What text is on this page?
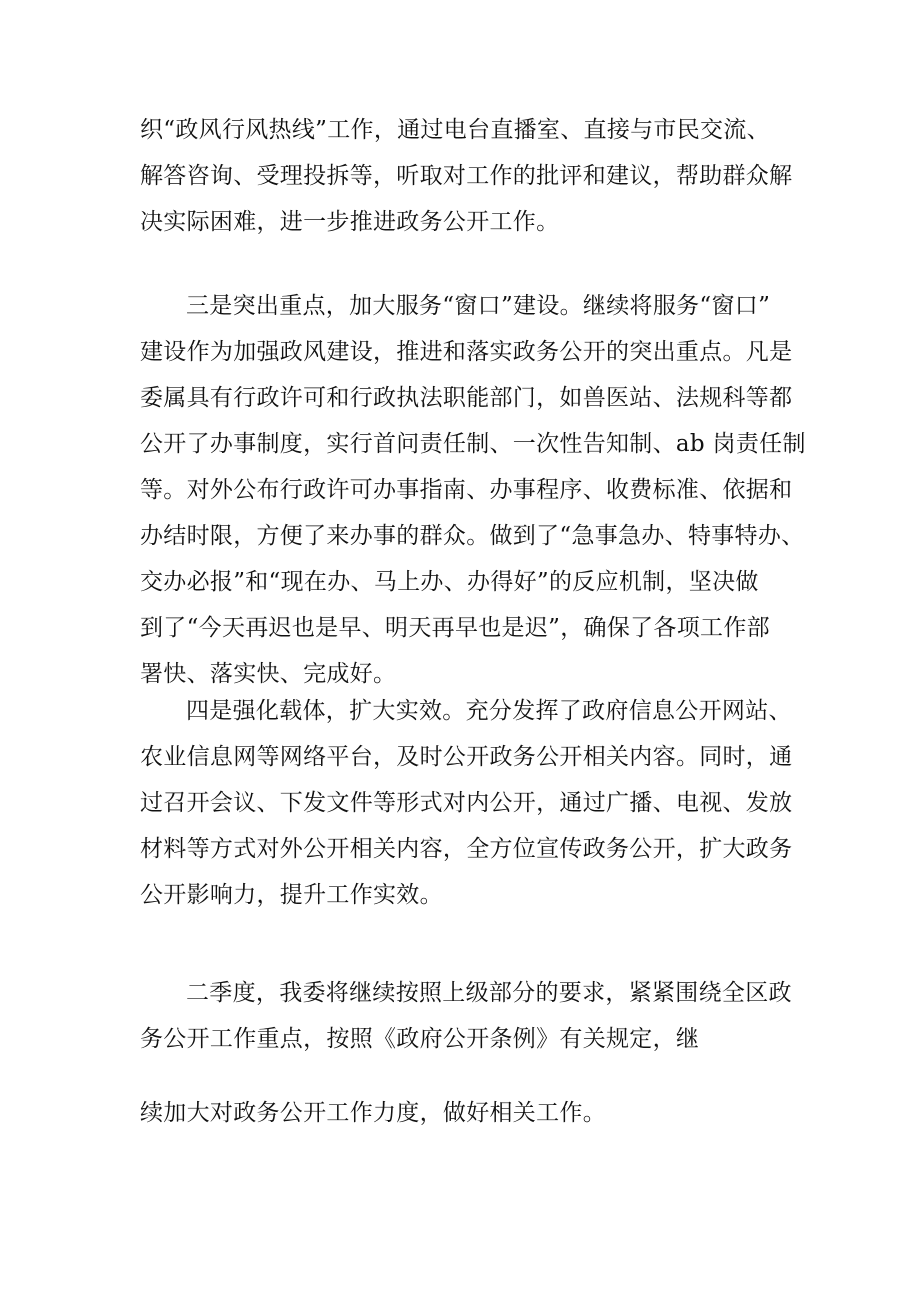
织“政风行风热线”工作，通过电台直播室、直接与市民交流、
解答咨询、受理投拆等，听取对工作的批评和建议，帮助群众解
决实际困难，进一步推进政务公开工作。
三是突出重点，加大服务“窗口”建设。继续将服务“窗口”
建设作为加强政风建设，推进和落实政务公开的突出重点。凡是
委属具有行政许可和行政执法职能部门，如兽医站、法规科等都
公开了办事制度，实行首问责任制、一次性告知制、ab 岗责任制
等。对外公布行政许可办事指南、办事程序、收费标准、依据和
办结时限，方便了来办事的群众。做到了“急事急办、特事特办、
交办必报”和“现在办、马上办、办得好”的反应机制，坚决做
到了“今天再迟也是早、明天再早也是迟”，确保了各项工作部
署快、落实快、完成好。
四是强化载体，扩大实效。充分发挥了政府信息公开网站、
农业信息网等网络平台，及时公开政务公开相关内容。同时，通
过召开会议、下发文件等形式对内公开，通过广播、电视、发放
材料等方式对外公开相关内容，全方位宣传政务公开，扩大政务
公开影响力，提升工作实效。
二季度，我委将继续按照上级部分的要求，紧紧围绕全区政
务公开工作重点，按照《政府公开条例》有关规定，继
续加大对政务公开工作力度，做好相关工作。
